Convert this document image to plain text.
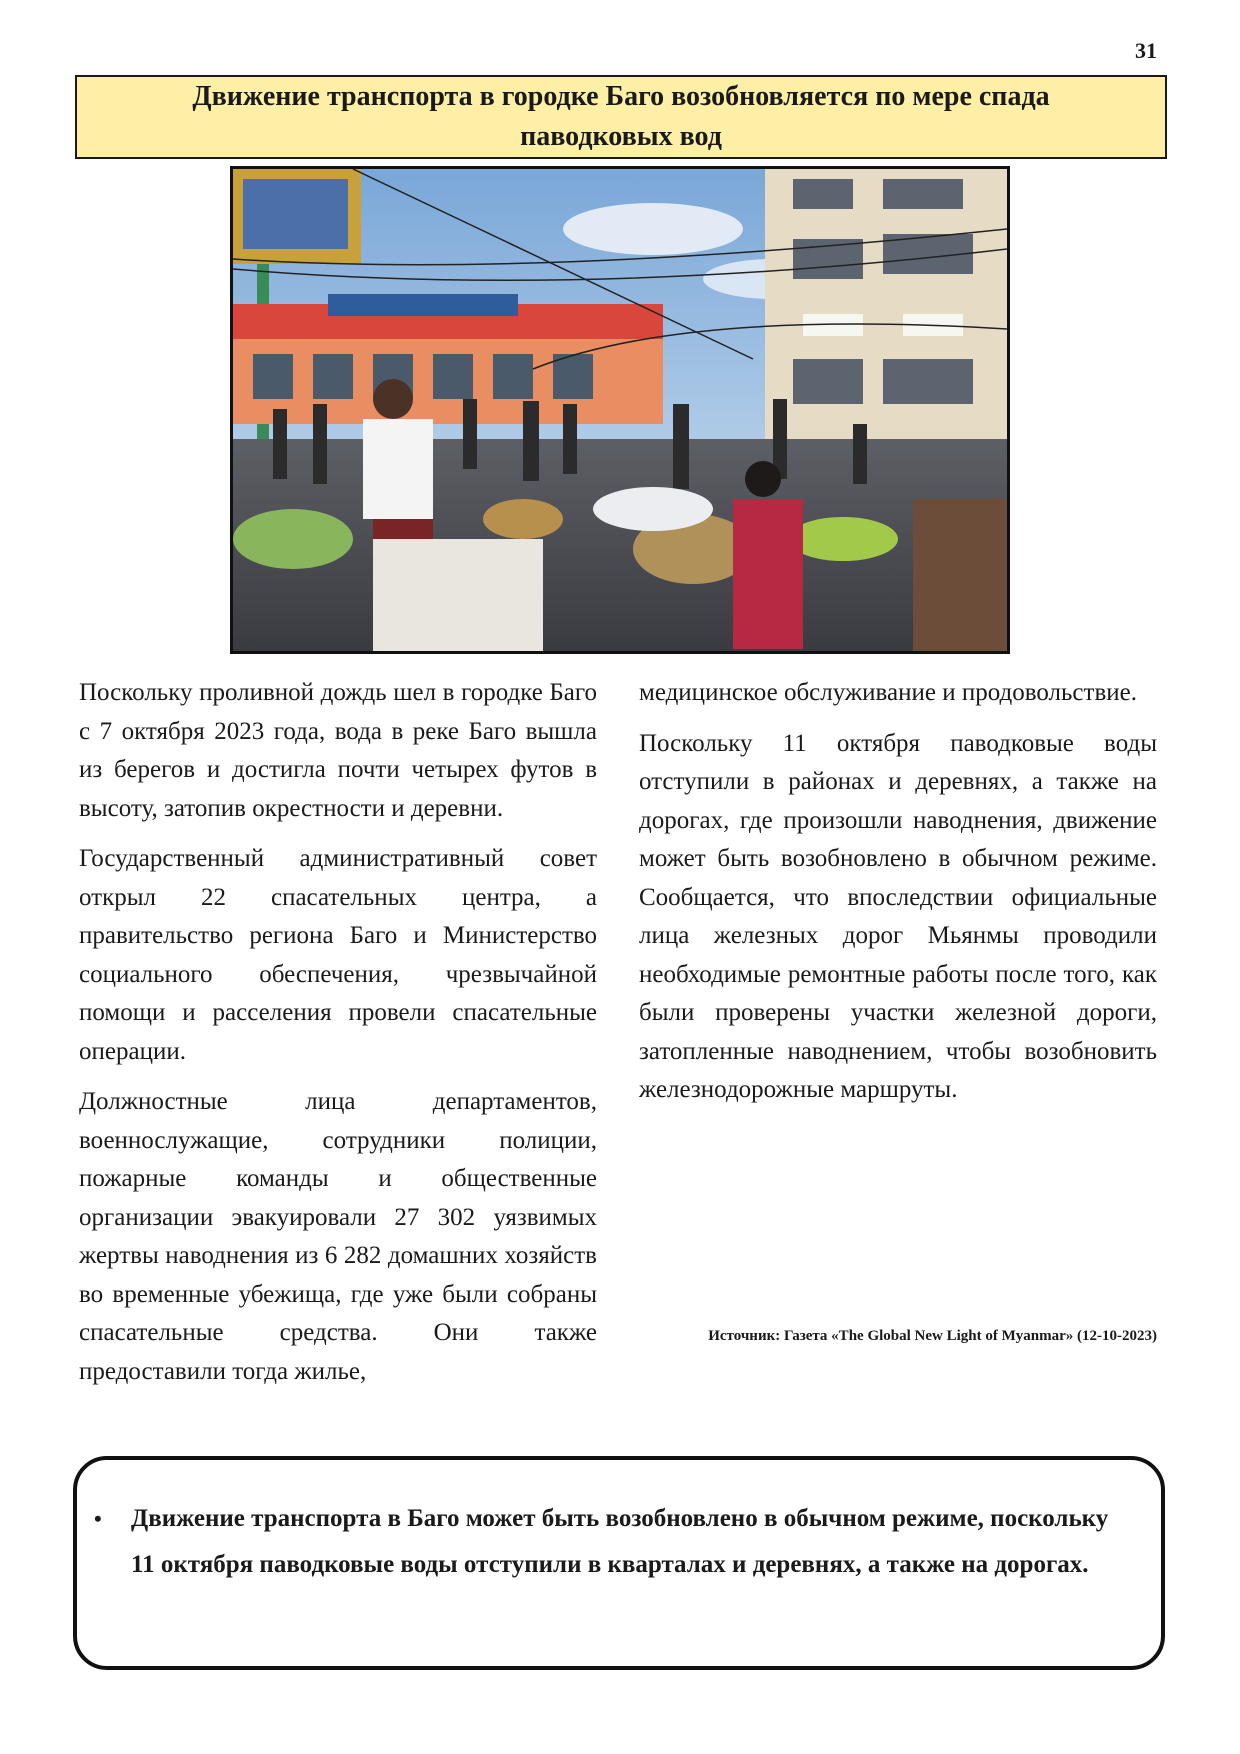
31
Движение транспорта в городке Баго возобновляется по мере спада паводковых вод

Поскольку проливной дождь шел в городке Баго с 7 октября 2023 года, вода в реке Баго вышла из берегов и достигла почти четырех футов в высоту, затопив окрестности и деревни.

Государственный административный совет открыл 22 спасательных центра, а правительство региона Баго и Министерство социального обеспечения, чрезвычайной помощи и расселения провели спасательные операции.

Должностные лица департаментов, военнослужащие, сотрудники полиции, пожарные команды и общественные организации эвакуировали 27 302 уязвимых жертвы наводнения из 6 282 домашних хозяйств во временные убежища, где уже были собраны спасательные средства. Они также предоставили тогда жилье,

медицинское обслуживание и продовольствие.

Поскольку 11 октября паводковые воды отступили в районах и деревнях, а также на дорогах, где произошли наводнения, движение может быть возобновлено в обычном режиме. Сообщается, что впоследствии официальные лица железных дорог Мьянмы проводили необходимые ремонтные работы после того, как были проверены участки железной дороги, затопленные наводнением, чтобы возобновить железнодорожные маршруты.

Источник: Газета «The Global New Light of Myanmar» (12-10-2023)
• Движение транспорта в Баго может быть возобновлено в обычном режиме, поскольку 11 октября паводковые воды отступили в кварталах и деревнях, а также на дорогах.
